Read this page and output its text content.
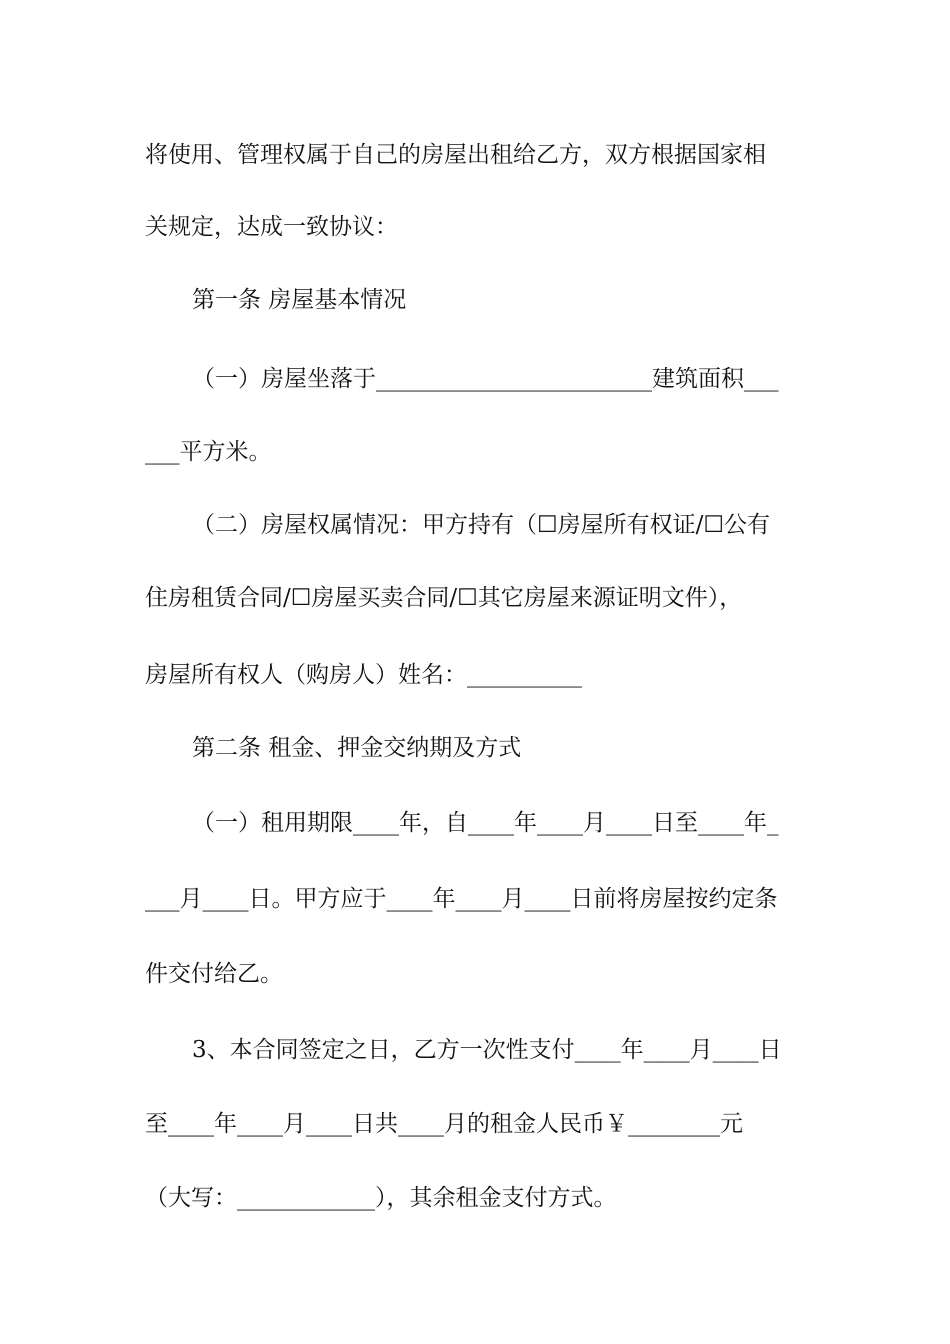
将使用、管理权属于自己的房屋出租给乙方，双方根据国家相

关规定，达成一致协议：

第一条 房屋基本情况

（一）房屋坐落于________________________建筑面积___

___平方米。

（二）房屋权属情况：甲方持有（☐房屋所有权证/☐公有

住房租赁合同/☐房屋买卖合同/☐其它房屋来源证明文件），

房屋所有权人（购房人）姓名：__________

第二条 租金、押金交纳期及方式

（一）租用期限____年，自____年____月____日至____年_

___月____日。甲方应于____年____月____日前将房屋按约定条

件交付给乙。

3、本合同签定之日，乙方一次性支付____年____月____日

至____年____月____日共____月的租金人民币￥________元

（大写：____________），其余租金支付方式。
